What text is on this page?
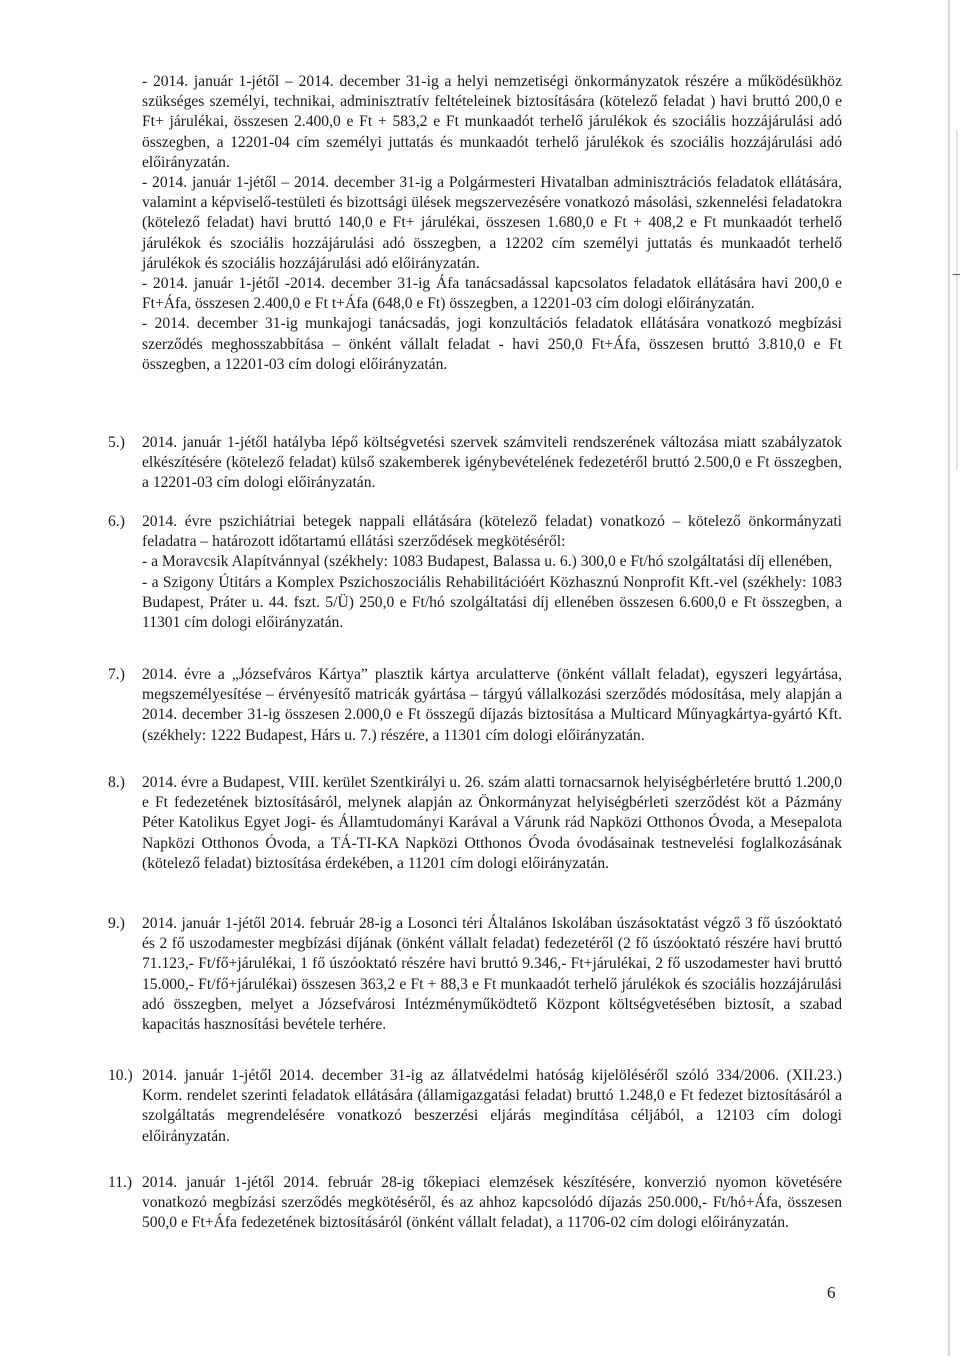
- 2014. január 1-jétől – 2014. december 31-ig a helyi nemzetiségi önkormányzatok részére a működésükhöz szükséges személyi, technikai, adminisztratív feltételeinek biztosítására (kötelező feladat ) havi bruttó 200,0 e Ft+ járulékai, összesen 2.400,0 e Ft + 583,2 e Ft munkaadót terhelő járulékok és szociális hozzájárulási adó összegben, a 12201-04 cím személyi juttatás és munkaadót terhelő járulékok és szociális hozzájárulási adó előirányzatán.

- 2014. január 1-jétől – 2014. december 31-ig a Polgármesteri Hivatalban adminisztrációs feladatok ellátására, valamint a képviselő-testületi és bizottsági ülések megszervezésére vonatkozó másolási, szkennelési feladatokra (kötelező feladat) havi bruttó 140,0 e Ft+ járulékai, összesen 1.680,0 e Ft + 408,2 e Ft munkaadót terhelő járulékok és szociális hozzájárulási adó összegben, a 12202 cím személyi juttatás és munkaadót terhelő járulékok és szociális hozzájárulási adó előirányzatán.

- 2014. január 1-jétől -2014. december 31-ig Áfa tanácsadással kapcsolatos feladatok ellátására havi 200,0 e Ft+Áfa, összesen 2.400,0 e Ft t+Áfa (648,0 e Ft) összegben, a 12201-03 cím dologi előirányzatán.

- 2014. december 31-ig munkajogi tanácsadás, jogi konzultációs feladatok ellátására vonatkozó megbízási szerződés meghosszabbítása – önként vállalt feladat - havi 250,0 Ft+Áfa, összesen bruttó 3.810,0 e Ft összegben, a 12201-03 cím dologi előirányzatán.

5.)	2014. január 1-jétől hatályba lépő költségvetési szervek számviteli rendszerének változása miatt szabályzatok elkészítésére (kötelező feladat) külső szakemberek igénybevételének fedezetéről bruttó 2.500,0 e Ft összegben, a 12201-03 cím dologi előirányzatán.
6.)	2014. évre pszichiátriai betegek nappali ellátására (kötelező feladat) vonatkozó – kötelező önkormányzati feladatra – határozott időtartamú ellátási szerződések megkötéséről:
- a Moravcsik Alapítvánnyal (székhely: 1083 Budapest, Balassa u. 6.) 300,0 e Ft/hó szolgáltatási díj ellenében,
- a Szigony Útitárs a Komplex Pszichoszociális Rehabilitációért Közhasznú Nonprofit Kft.-vel (székhely: 1083 Budapest, Práter u. 44. fszt. 5/Ü) 250,0 e Ft/hó szolgáltatási díj ellenében összesen 6.600,0 e Ft összegben, a 11301 cím dologi előirányzatán.
7.)	2014. évre a „Józsefváros Kártya” plasztik kártya arculatterve (önként vállalt feladat), egyszeri legyártása, megszemélyesítése – érvényesítő matricák gyártása – tárgyú vállalkozási szerződés módosítása, mely alapján a 2014. december 31-ig összesen 2.000,0 e Ft összegű díjazás biztosítása a Multicard Műnyagkártya-gyártó Kft. (székhely: 1222 Budapest, Hárs u. 7.) részére, a 11301 cím dologi előirányzatán.
8.)	2014. évre a Budapest, VIII. kerület Szentkirályi u. 26. szám alatti tornacsarnok helyiségbérletére bruttó 1.200,0 e Ft fedezetének biztosításáról, melynek alapján az Önkormányzat helyiségbérleti szerződést köt a Pázmány Péter Katolikus Egyet Jogi- és Államtudományi Karával a Várunk rád Napközi Otthonos Óvoda, a Mesepalota Napközi Otthonos Óvoda, a TÁ-TI-KA Napközi Otthonos Óvoda óvodásainak testnevelési foglalkozásának (kötelező feladat) biztosítása érdekében, a 11201 cím dologi előirányzatán.
9.)	2014. január 1-jétől 2014. február 28-ig a Losonci téri Általános Iskolában úszásoktatást végző 3 fő úszóoktató és 2 fő uszodamester megbízási díjának (önként vállalt feladat) fedezetéről (2 fő úszóoktató részére havi bruttó 71.123,- Ft/fő+járulékai, 1 fő úszóoktató részére havi bruttó 9.346,- Ft+járulékai, 2 fő uszodamester havi bruttó 15.000,- Ft/fő+járulékai) összesen 363,2 e Ft + 88,3 e Ft munkaadót terhelő járulékok és szociális hozzájárulási adó összegben, melyet a Józsefvárosi Intézményműködtető Központ költségvetésében biztosít, a szabad kapacitás hasznosítási bevétele terhére.
10.) 2014. január 1-jétől 2014. december 31-ig az állatvédelmi hatóság kijelöléséről szóló 334/2006. (XII.23.) Korm. rendelet szerinti feladatok ellátására (államigazgatási feladat) bruttó 1.248,0 e Ft fedezet biztosításáról a szolgáltatás megrendelésére vonatkozó beszerzési eljárás megindítása céljából, a 12103 cím dologi előirányzatán.
11.) 2014. január 1-jétől 2014. február 28-ig tőkepiaci elemzések készítésére, konverzió nyomon követésére vonatkozó megbízási szerződés megkötéséről, és az ahhoz kapcsolódó díjazás 250.000,- Ft/hó+Áfa, összesen 500,0 e Ft+Áfa fedezetének biztosításáról (önként vállalt feladat), a 11706-02 cím dologi előirányzatán.
6
